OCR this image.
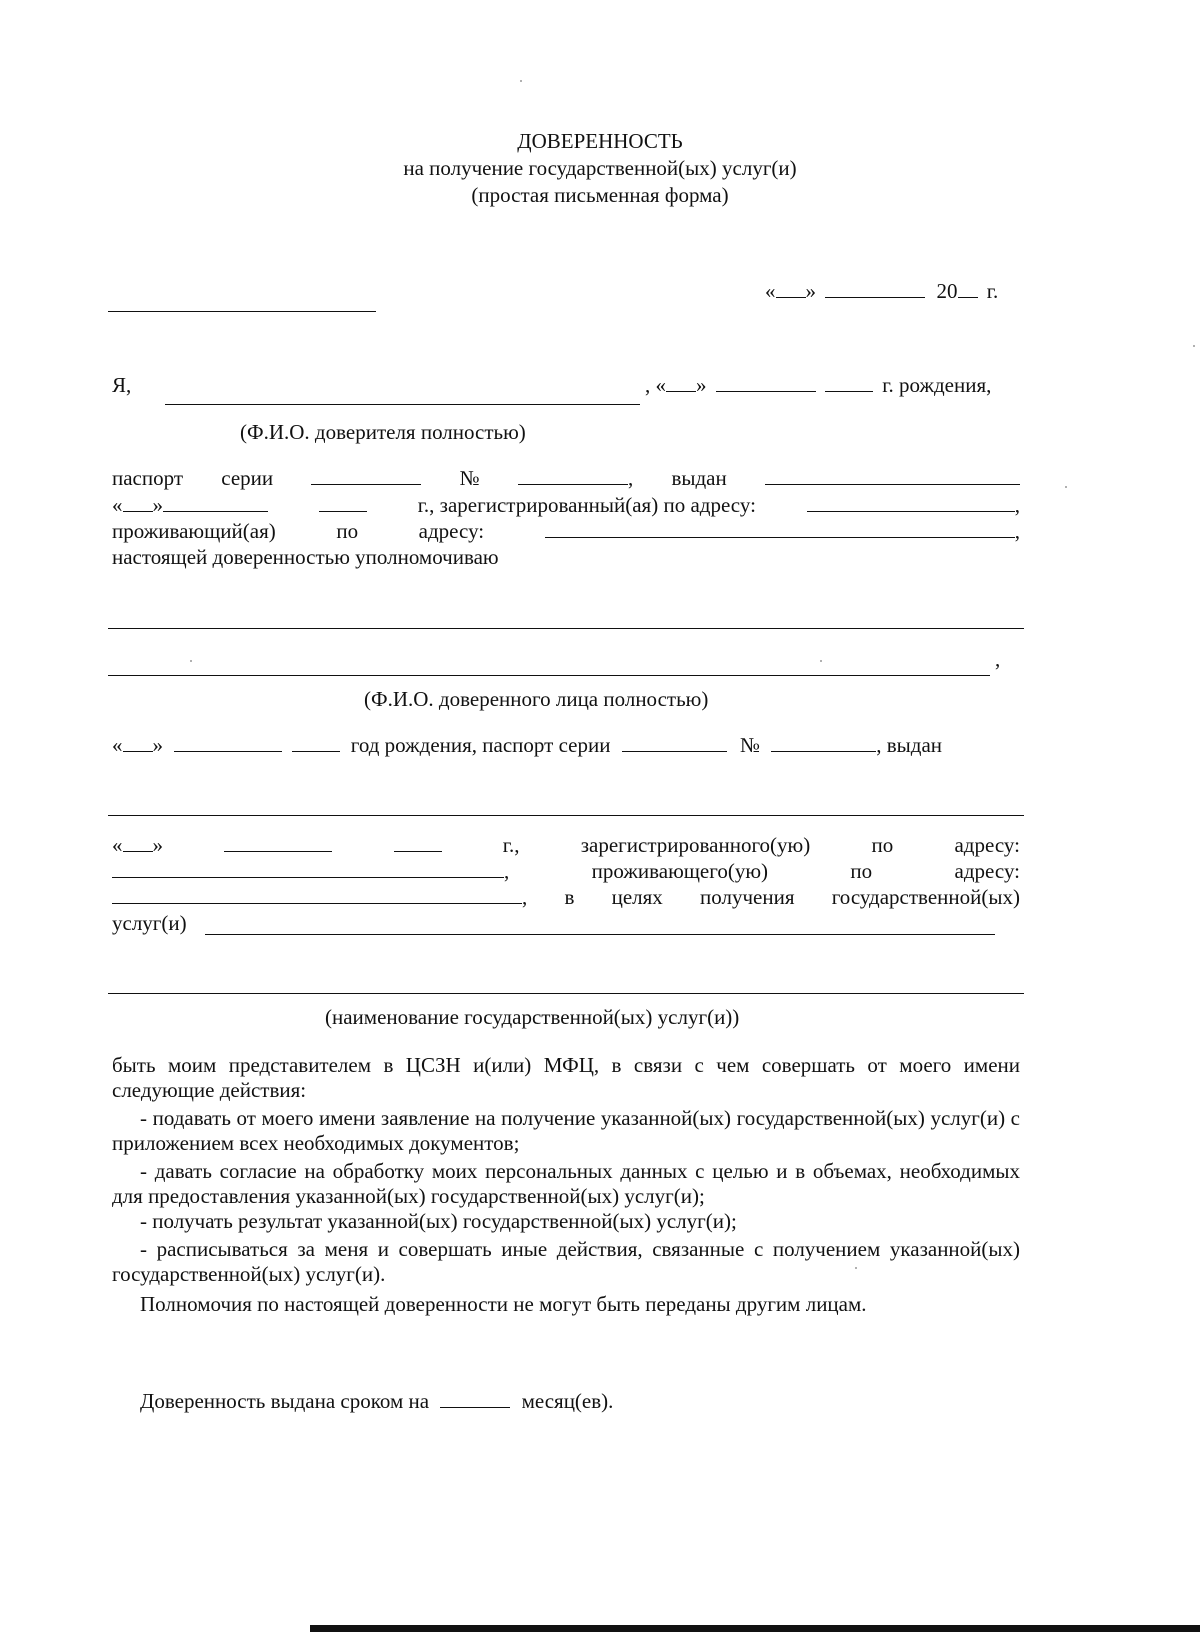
ДОВЕРЕННОСТЬ
на получение государственной(ых) услуг(и)
(простая письменная форма)
« »	20 г.
Я,	, « »	г. рождения,
(Ф.И.О. доверителя полностью)
паспорт серии	№	, выдан
« »	г., зарегистрированный(ая) по адресу:	,
проживающий(ая)	по	адресу:	,
настоящей доверенностью уполномочиваю
,
(Ф.И.О. доверенного лица полностью)
« »	год рождения, паспорт серии	№	, выдан
« »	г.,	зарегистрированного(ую)	по	адресу:
,	проживающего(ую)	по	адресу:
, в целях получения государственной(ых)
услуг(и)
(наименование государственной(ых) услуг(и))
быть моим представителем в ЦСЗН и(или) МФЦ, в связи с чем совершать от моего имени следующие действия:
- подавать от моего имени заявление на получение указанной(ых) государственной(ых) услуг(и) с приложением всех необходимых документов;
- давать согласие на обработку моих персональных данных с целью и в объемах, необходимых для предоставления указанной(ых) государственной(ых) услуг(и);
- получать результат указанной(ых) государственной(ых) услуг(и);
- расписываться за меня и совершать иные действия, связанные с получением указанной(ых) государственной(ых) услуг(и).
Полномочия по настоящей доверенности не могут быть переданы другим лицам.
Доверенность выдана сроком на	месяц(ев).
